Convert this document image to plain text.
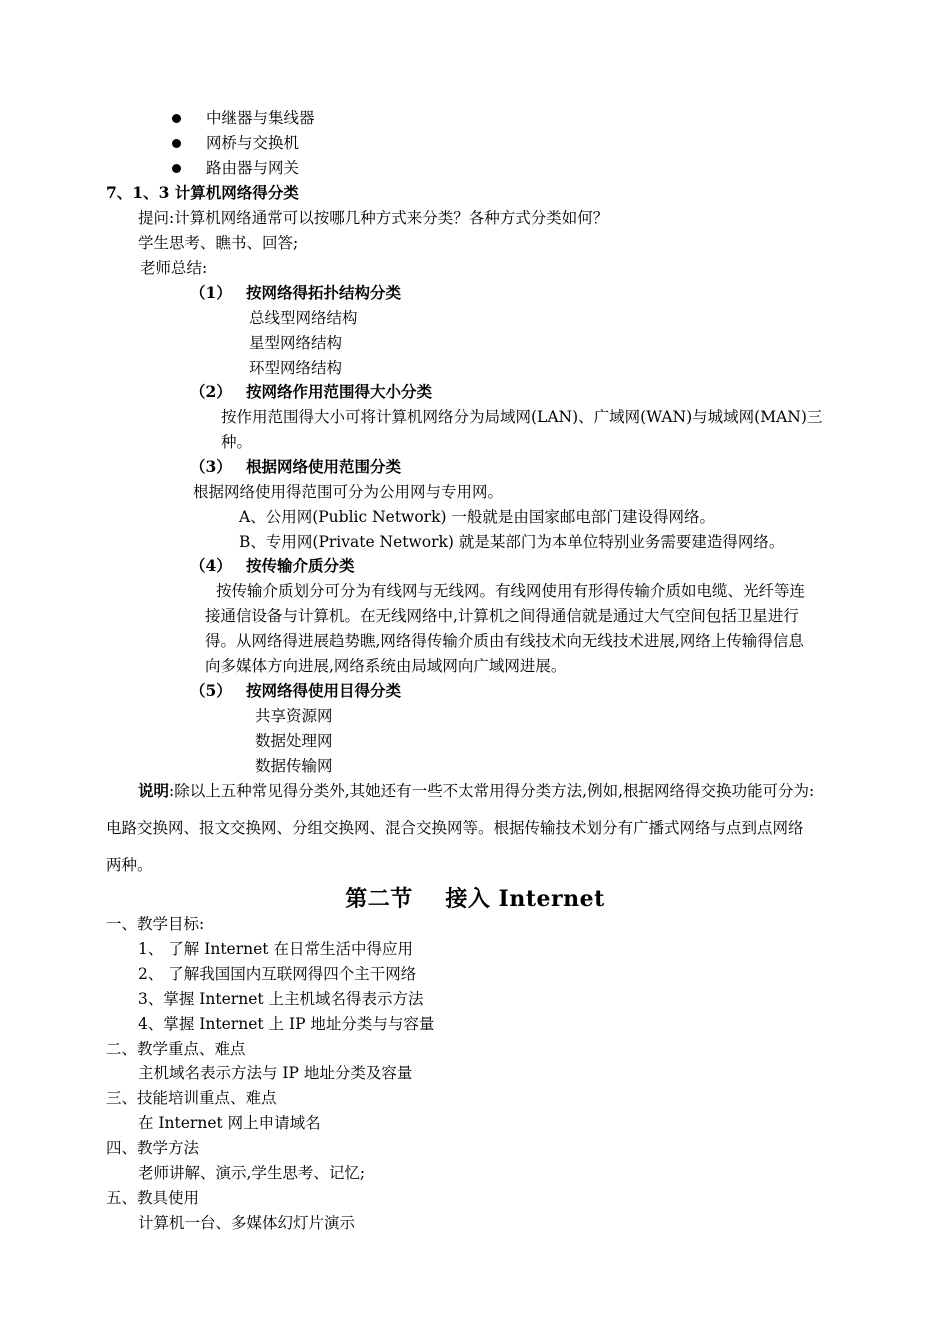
中继器与集线器
网桥与交换机
路由器与网关
7、1、3 计算机网络得分类
提问:计算机网络通常可以按哪几种方式来分类？各种方式分类如何？
学生思考、瞧书、回答;
老师总结:
（1） 按网络得拓扑结构分类
总线型网络结构
星型网络结构
环型网络结构
（2） 按网络作用范围得大小分类
按作用范围得大小可将计算机网络分为局域网(LAN)、广域网(WAN)与城域网(MAN)三
种。
（3） 根据网络使用范围分类
根据网络使用得范围可分为公用网与专用网。
A、公用网(Public Network) 一般就是由国家邮电部门建设得网络。
B、专用网(Private Network) 就是某部门为本单位特别业务需要建造得网络。
（4） 按传输介质分类
按传输介质划分可分为有线网与无线网。有线网使用有形得传输介质如电缆、光纤等连
接通信设备与计算机。在无线网络中,计算机之间得通信就是通过大气空间包括卫星进行
得。从网络得进展趋势瞧,网络得传输介质由有线技术向无线技术进展,网络上传输得信息
向多媒体方向进展,网络系统由局域网向广域网进展。
（5） 按网络得使用目得分类
共享资源网
数据处理网
数据传输网
说明:除以上五种常见得分类外,其她还有一些不太常用得分类方法,例如,根据网络得交换功能可分为:
电路交换网、报文交换网、分组交换网、混合交换网等。根据传输技术划分有广播式网络与点到点网络
两种。
第二节    接入 Internet
一、教学目标:
1、 了解 Internet 在日常生活中得应用
2、 了解我国国内互联网得四个主干网络
3、掌握 Internet 上主机域名得表示方法
4、掌握 Internet 上 IP 地址分类与与容量
二、教学重点、难点
主机域名表示方法与 IP 地址分类及容量
三、技能培训重点、难点
在 Internet 网上申请域名
四、教学方法
老师讲解、演示,学生思考、记忆;
五、教具使用
计算机一台、多媒体幻灯片演示
